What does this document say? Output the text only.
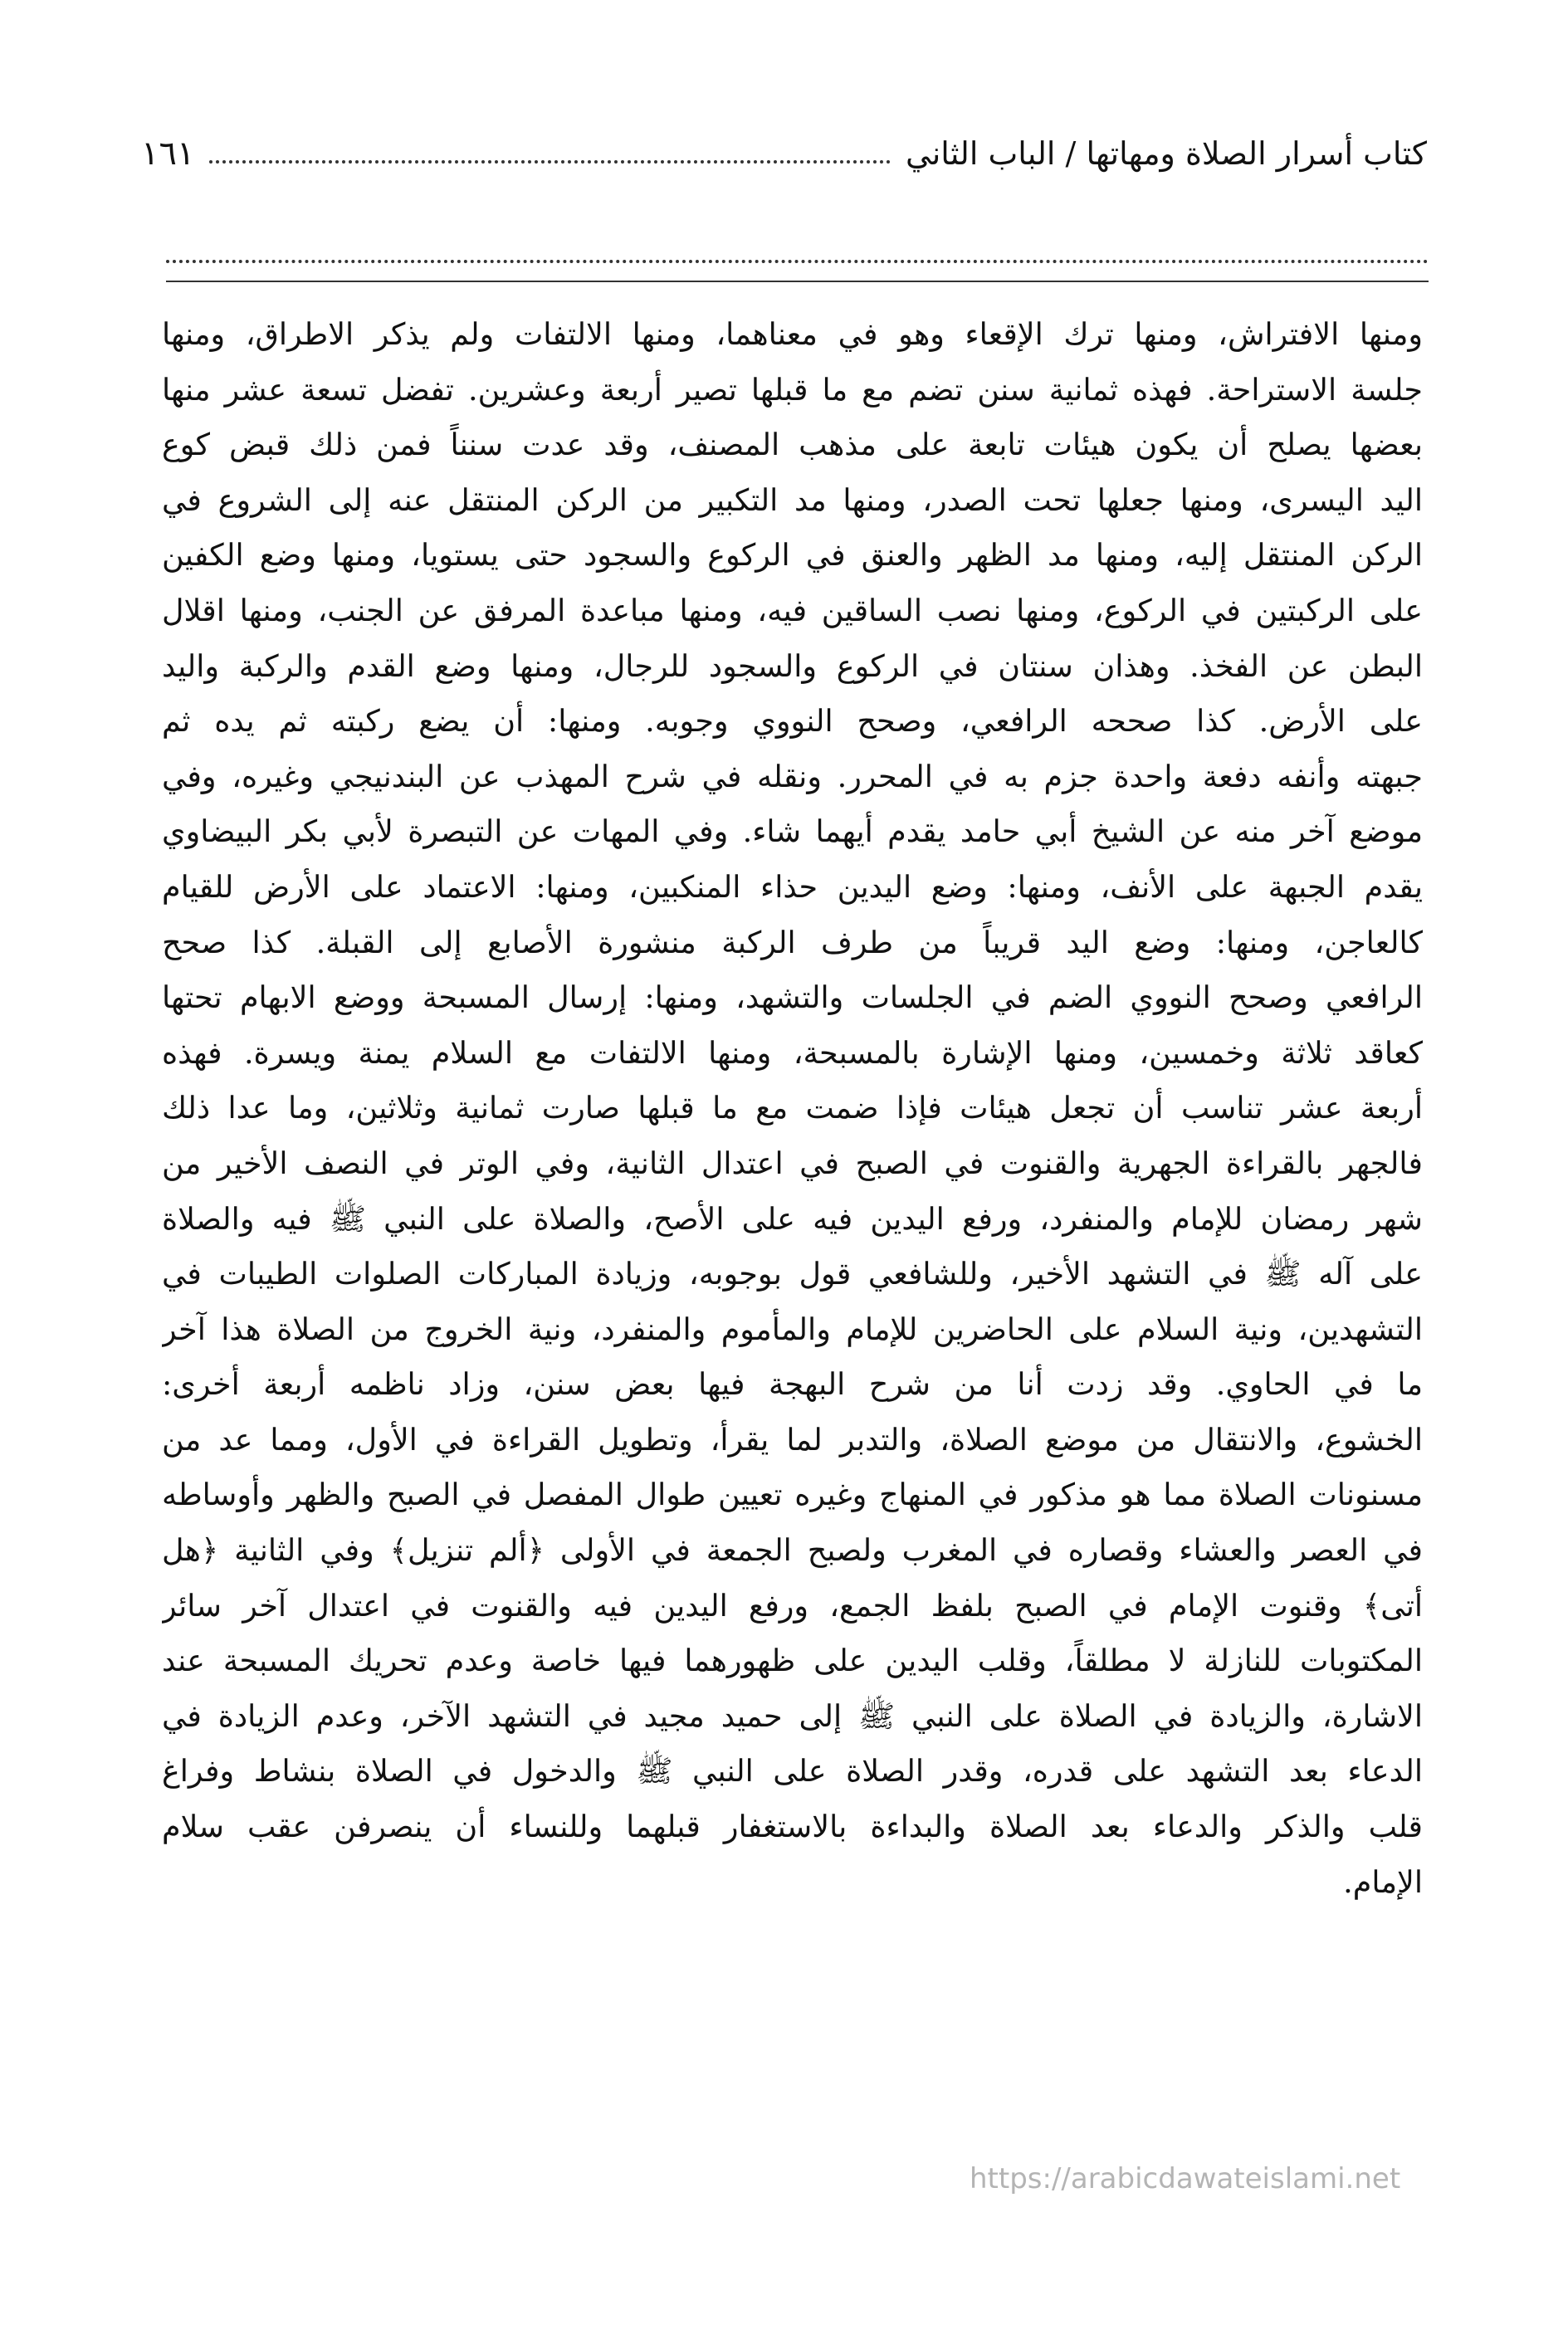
كتاب أسرار الصلاة ومهاتها / الباب الثاني
١٦١

ومنها الافتراش، ومنها ترك الإقعاء وهو في معناهما، ومنها الالتفات ولم يذكر الاطراق، ومنها
جلسة الاستراحة. فهذه ثمانية سنن تضم مع ما قبلها تصير أربعة وعشرين. تفضل تسعة عشر منها
بعضها يصلح أن يكون هيئات تابعة على مذهب المصنف، وقد عدت سنناً فمن ذلك قبض كوع
اليد اليسرى، ومنها جعلها تحت الصدر، ومنها مد التكبير من الركن المنتقل عنه إلى الشروع في
الركن المنتقل إليه، ومنها مد الظهر والعنق في الركوع والسجود حتى يستويا، ومنها وضع الكفين
على الركبتين في الركوع، ومنها نصب الساقين فيه، ومنها مباعدة المرفق عن الجنب، ومنها اقلال
البطن عن الفخذ. وهذان سنتان في الركوع والسجود للرجال، ومنها وضع القدم والركبة واليد
على الأرض. كذا صححه الرافعي، وصحح النووي وجوبه. ومنها: أن يضع ركبته ثم يده ثم
جبهته وأنفه دفعة واحدة جزم به في المحرر. ونقله في شرح المهذب عن البندنيجي وغيره، وفي
موضع آخر منه عن الشيخ أبي حامد يقدم أيهما شاء. وفي المهات عن التبصرة لأبي بكر البيضاوي
يقدم الجبهة على الأنف، ومنها: وضع اليدين حذاء المنكبين، ومنها: الاعتماد على الأرض للقيام
كالعاجن، ومنها: وضع اليد قريباً من طرف الركبة منشورة الأصابع إلى القبلة. كذا صحح
الرافعي وصحح النووي الضم في الجلسات والتشهد، ومنها: إرسال المسبحة ووضع الابهام تحتها
كعاقد ثلاثة وخمسين، ومنها الإشارة بالمسبحة، ومنها الالتفات مع السلام يمنة ويسرة. فهذه
أربعة عشر تناسب أن تجعل هيئات فإذا ضمت مع ما قبلها صارت ثمانية وثلاثين، وما عدا ذلك
فالجهر بالقراءة الجهرية والقنوت في الصبح في اعتدال الثانية، وفي الوتر في النصف الأخير من
شهر رمضان للإمام والمنفرد، ورفع اليدين فيه على الأصح، والصلاة على النبي ﷺ فيه والصلاة
على آله ﷺ في التشهد الأخير، وللشافعي قول بوجوبه، وزيادة المباركات الصلوات الطيبات في
التشهدين، ونية السلام على الحاضرين للإمام والمأموم والمنفرد، ونية الخروج من الصلاة هذا آخر
ما في الحاوي. وقد زدت أنا من شرح البهجة فيها بعض سنن، وزاد ناظمه أربعة أخرى:
الخشوع، والانتقال من موضع الصلاة، والتدبر لما يقرأ، وتطويل القراءة في الأول، ومما عد من
مسنونات الصلاة مما هو مذكور في المنهاج وغيره تعيين طوال المفصل في الصبح والظهر وأوساطه
في العصر والعشاء وقصاره في المغرب ولصبح الجمعة في الأولى ﴿ألم تنزيل﴾ وفي الثانية ﴿هل
أتى﴾ وقنوت الإمام في الصبح بلفظ الجمع، ورفع اليدين فيه والقنوت في اعتدال آخر سائر
المكتوبات للنازلة لا مطلقاً، وقلب اليدين على ظهورهما فيها خاصة وعدم تحريك المسبحة عند
الاشارة، والزيادة في الصلاة على النبي ﷺ إلى حميد مجيد في التشهد الآخر، وعدم الزيادة في
الدعاء بعد التشهد على قدره، وقدر الصلاة على النبي ﷺ والدخول في الصلاة بنشاط وفراغ
قلب والذكر والدعاء بعد الصلاة والبداءة بالاستغفار قبلهما وللنساء أن ينصرفن عقب سلام
الإمام.

https://arabicdawateislami.net
